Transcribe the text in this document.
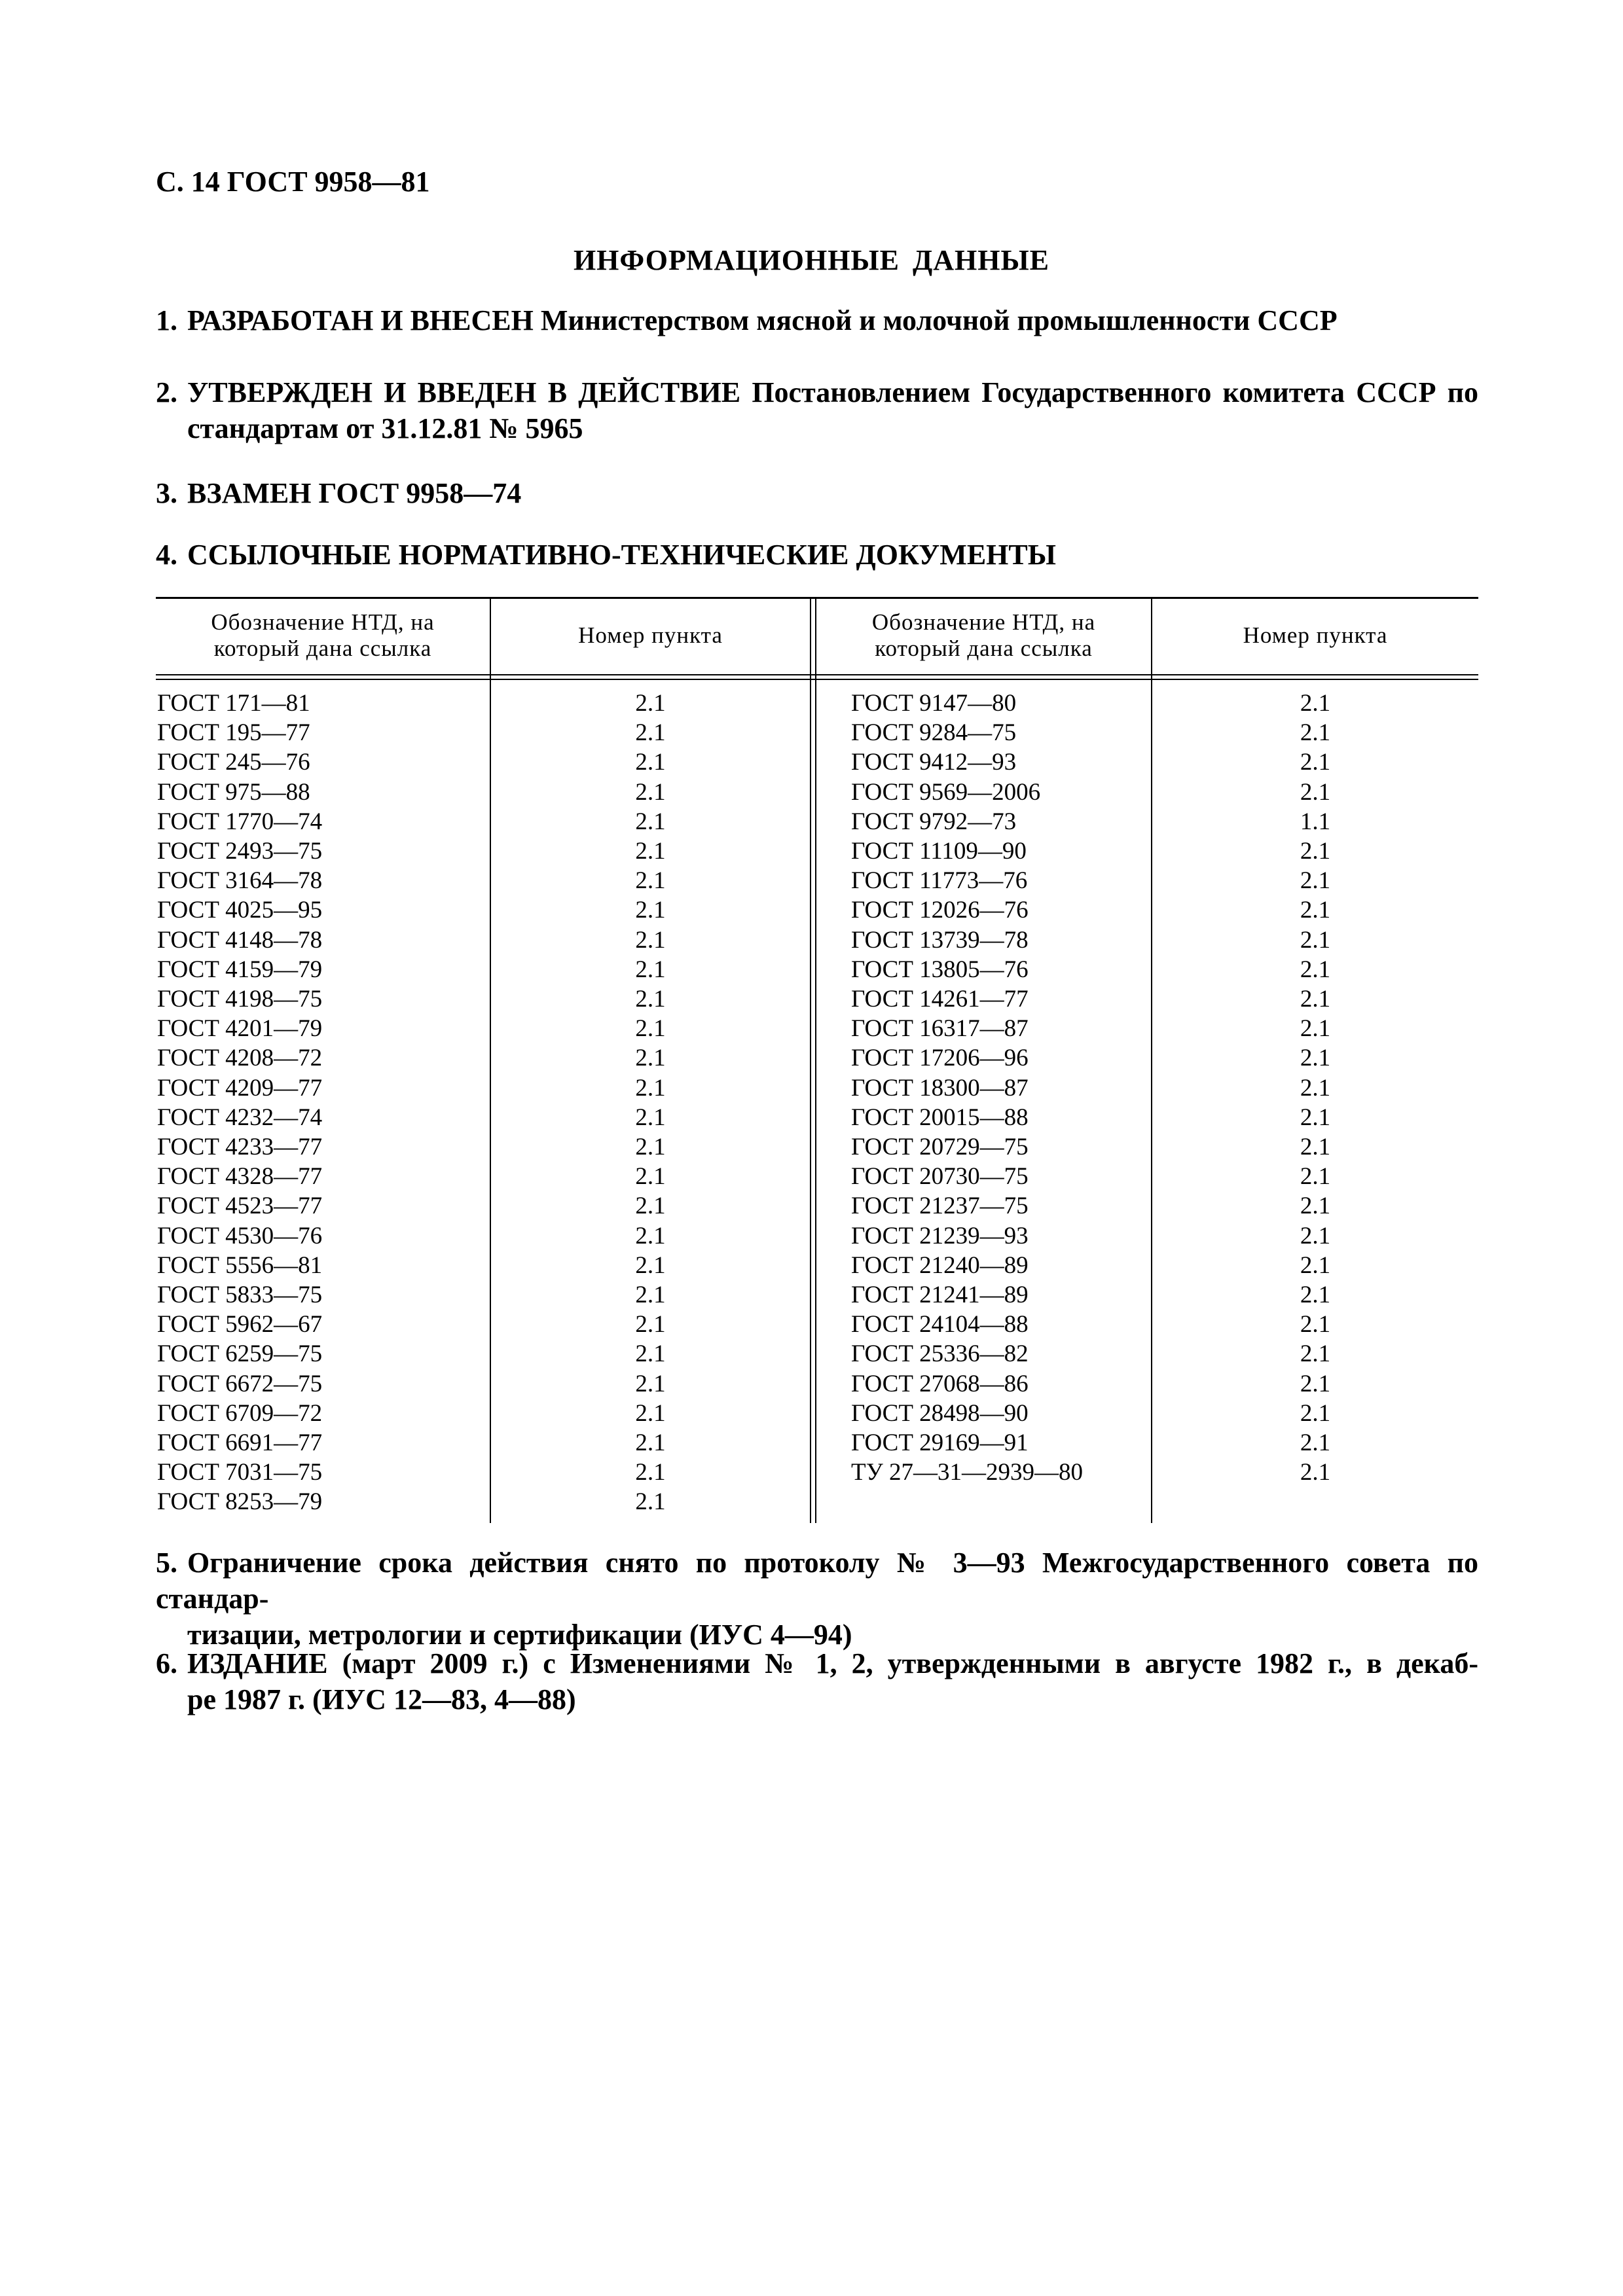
С. 14 ГОСТ 9958—81
ИНФОРМАЦИОННЫЕ ДАННЫЕ
1. РАЗРАБОТАН И ВНЕСЕН Министерством мясной и молочной промышленности СССР
2. УТВЕРЖДЕН И ВВЕДЕН В ДЕЙСТВИЕ Постановлением Государственного комитета СССР по
стандартам от 31.12.81 № 5965
3. ВЗАМЕН ГОСТ 9958—74
4. ССЫЛОЧНЫЕ НОРМАТИВНО-ТЕХНИЧЕСКИЕ ДОКУМЕНТЫ
Обозначение НТД, на
который дана ссылка
Номер пункта
Обозначение НТД, на
который дана ссылка
Номер пункта
ГОСТ 171—81
ГОСТ 195—77
ГОСТ 245—76
ГОСТ 975—88
ГОСТ 1770—74
ГОСТ 2493—75
ГОСТ 3164—78
ГОСТ 4025—95
ГОСТ 4148—78
ГОСТ 4159—79
ГОСТ 4198—75
ГОСТ 4201—79
ГОСТ 4208—72
ГОСТ 4209—77
ГОСТ 4232—74
ГОСТ 4233—77
ГОСТ 4328—77
ГОСТ 4523—77
ГОСТ 4530—76
ГОСТ 5556—81
ГОСТ 5833—75
ГОСТ 5962—67
ГОСТ 6259—75
ГОСТ 6672—75
ГОСТ 6709—72
ГОСТ 6691—77
ГОСТ 7031—75
ГОСТ 8253—79
2.1
2.1
2.1
2.1
2.1
2.1
2.1
2.1
2.1
2.1
2.1
2.1
2.1
2.1
2.1
2.1
2.1
2.1
2.1
2.1
2.1
2.1
2.1
2.1
2.1
2.1
2.1
2.1
ГОСТ 9147—80
ГОСТ 9284—75
ГОСТ 9412—93
ГОСТ 9569—2006
ГОСТ 9792—73
ГОСТ 11109—90
ГОСТ 11773—76
ГОСТ 12026—76
ГОСТ 13739—78
ГОСТ 13805—76
ГОСТ 14261—77
ГОСТ 16317—87
ГОСТ 17206—96
ГОСТ 18300—87
ГОСТ 20015—88
ГОСТ 20729—75
ГОСТ 20730—75
ГОСТ 21237—75
ГОСТ 21239—93
ГОСТ 21240—89
ГОСТ 21241—89
ГОСТ 24104—88
ГОСТ 25336—82
ГОСТ 27068—86
ГОСТ 28498—90
ГОСТ 29169—91
ТУ 27—31—2939—80
2.1
2.1
2.1
2.1
1.1
2.1
2.1
2.1
2.1
2.1
2.1
2.1
2.1
2.1
2.1
2.1
2.1
2.1
2.1
2.1
2.1
2.1
2.1
2.1
2.1
2.1
2.1
5. Ограничение срока действия снято по протоколу № 3—93 Межгосударственного совета по стандар-
тизации, метрологии и сертификации (ИУС 4—94)
6. ИЗДАНИЕ (март 2009 г.) с Изменениями № 1, 2, утвержденными в августе 1982 г., в декаб-
ре 1987 г. (ИУС 12—83, 4—88)
